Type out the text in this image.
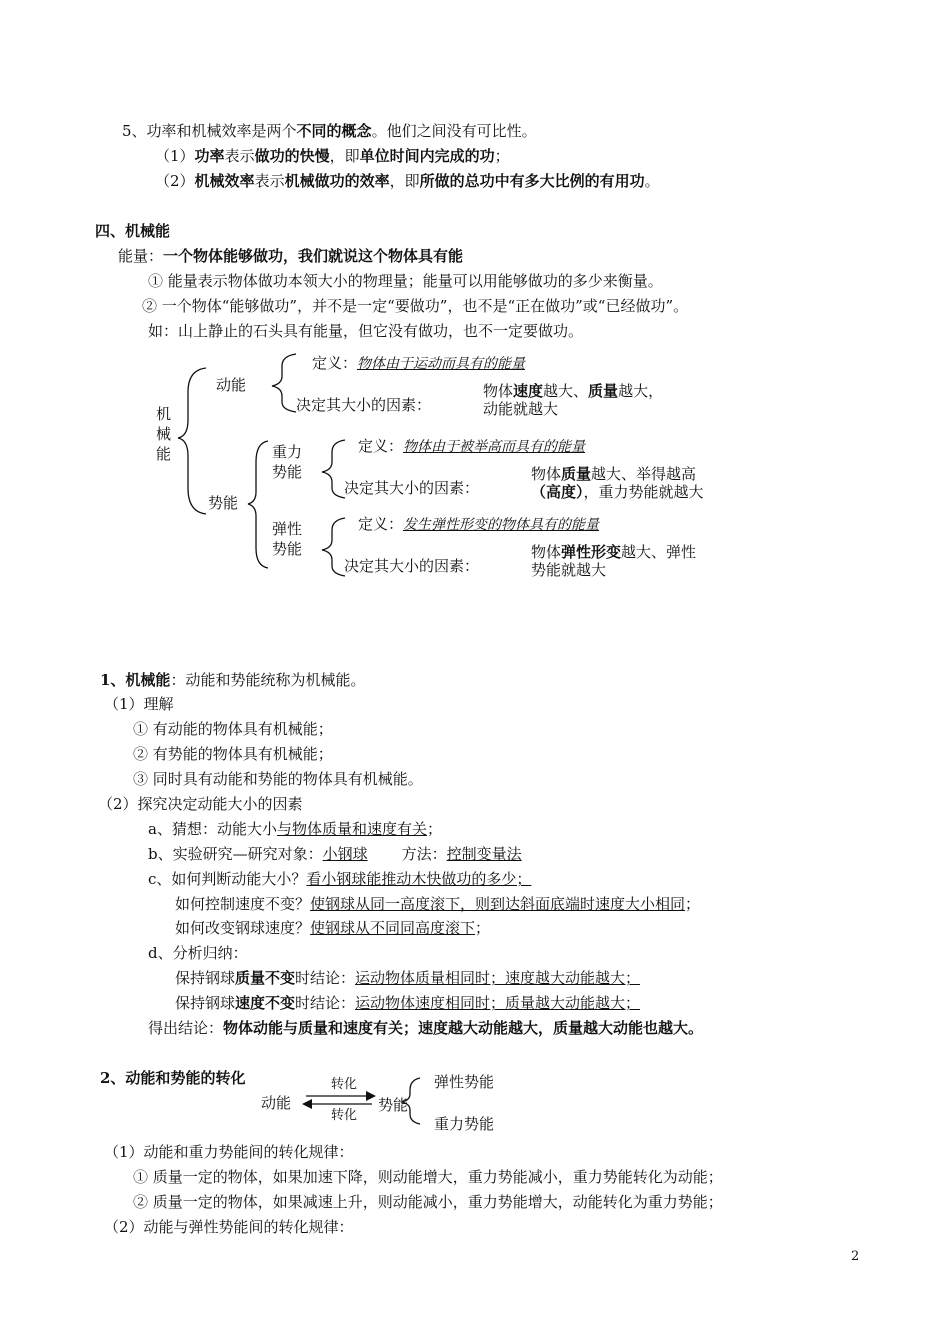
5、功率和机械效率是两个不同的概念。他们之间没有可比性。
（1）功率表示做功的快慢，即单位时间内完成的功；
（2）机械效率表示机械做功的效率，即所做的总功中有多大比例的有用功。
四、机械能
能量：一个物体能够做功，我们就说这个物体具有能
① 能量表示物体做功本领大小的物理量；能量可以用能够做功的多少来衡量。
② 一个物体“能够做功”，并不是一定“要做功”，也不是“正在做功”或“已经做功”。
如：山上静止的石头具有能量，但它没有做功，也不一定要做功。
机
械
能
动能
定义：物体由于运动而具有的能量
决定其大小的因素：
物体速度越大、质量越大，
动能就越大
势能
重力
势能
定义：物体由于被举高而具有的能量
决定其大小的因素：
物体质量越大、举得越高
（高度），重力势能就越大
弹性
势能
定义：发生弹性形变的物体具有的能量
决定其大小的因素：
物体弹性形变越大、弹性
势能就越大
1、机械能：动能和势能统称为机械能。
（1）理解
① 有动能的物体具有机械能；
② 有势能的物体具有机械能；
③ 同时具有动能和势能的物体具有机械能。
（2）探究决定动能大小的因素
a、猜想：动能大小与物体质量和速度有关；
b、实验研究—研究对象：小钢球 方法：控制变量法
c、如何判断动能大小？看小钢球能推动木快做功的多少；
如何控制速度不变？使钢球从同一高度滚下，则到达斜面底端时速度大小相同；
如何改变钢球速度？使钢球从不同同高度滚下；
d、分析归纳：
保持钢球质量不变时结论：运动物体质量相同时；速度越大动能越大；
保持钢球速度不变时结论：运动物体速度相同时；质量越大动能越大；
得出结论：物体动能与质量和速度有关；速度越大动能越大，质量越大动能也越大。
2、动能和势能的转化
动能
转化
转化
势能
弹性势能
重力势能
（1）动能和重力势能间的转化规律：
① 质量一定的物体，如果加速下降，则动能增大，重力势能减小，重力势能转化为动能；
② 质量一定的物体，如果减速上升，则动能减小，重力势能增大，动能转化为重力势能；
（2）动能与弹性势能间的转化规律：
2
